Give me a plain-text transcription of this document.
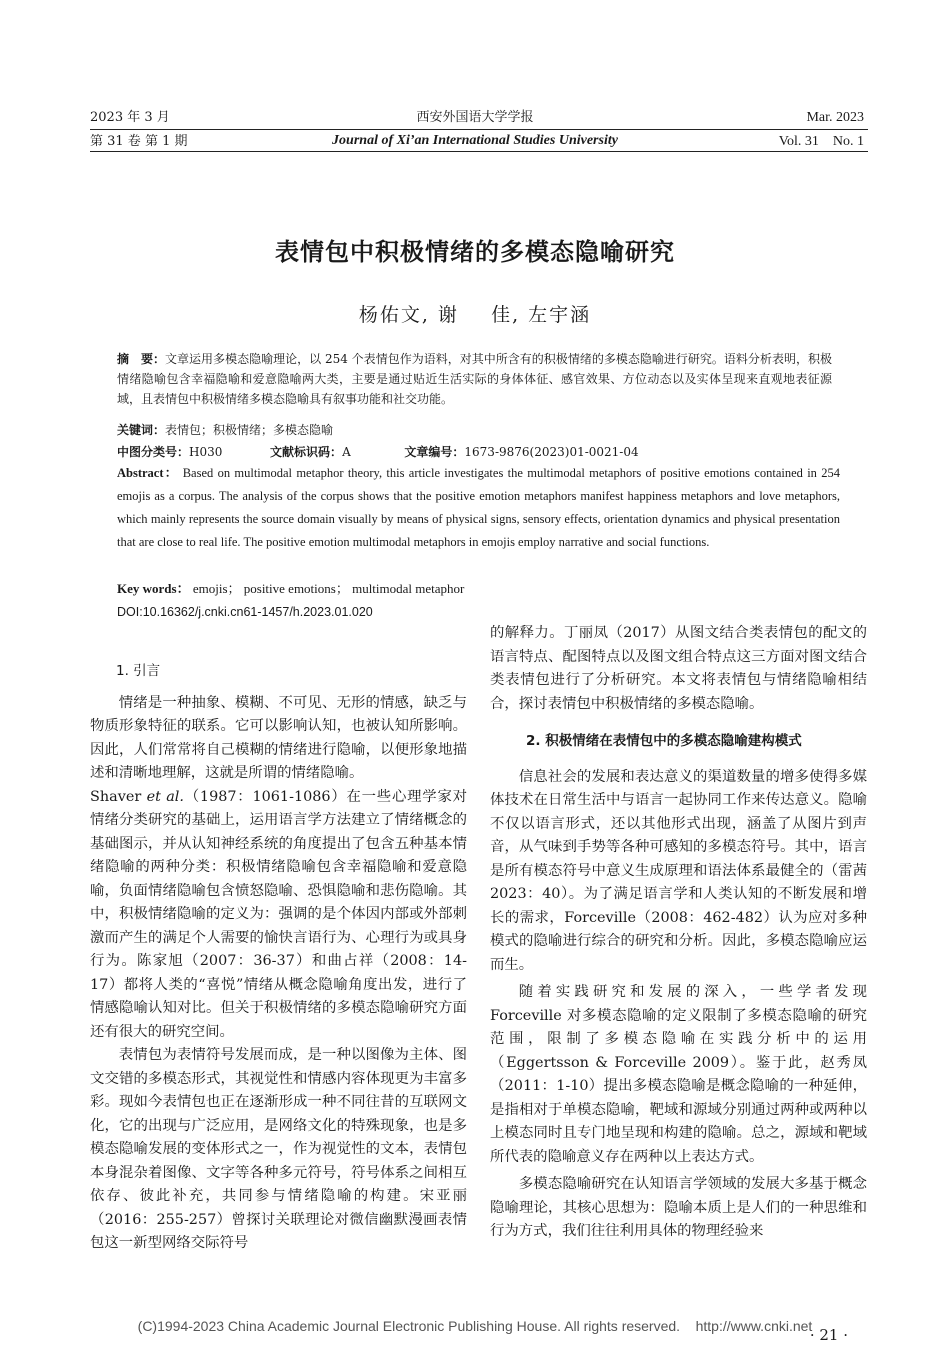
2023 年 3 月	西安外国语大学学报	Mar. 2023
第 31 卷 第 1 期	Journal of Xi’an International Studies University	Vol. 31    No. 1
表情包中积极情绪的多模态隐喻研究
杨佑文, 谢    佳, 左宇涵
摘　要：文章运用多模态隐喻理论，以 254 个表情包作为语料，对其中所含有的积极情绪的多模态隐喻进行研究。语料分析表明，积极情绪隐喻包含幸福隐喻和爱意隐喻两大类，主要是通过贴近生活实际的身体体征、感官效果、方位动态以及实体呈现来直观地表征源域，且表情包中积极情绪多模态隐喻具有叙事功能和社交功能。
关键词：表情包；积极情绪；多模态隐喻
中图分类号：H030	文献标识码：A	文章编号：1673-9876(2023)01-0021-04
Abstract： Based on multimodal metaphor theory, this article investigates the multimodal metaphors of positive emotions contained in 254 emojis as a corpus. The analysis of the corpus shows that the positive emotion metaphors manifest happiness metaphors and love metaphors, which mainly represents the source domain visually by means of physical signs, sensory effects, orientation dynamics and physical presentation that are close to real life. The positive emotion multimodal metaphors in emojis employ narrative and social functions.
Key words： emojis； positive emotions； multimodal metaphor
DOI:10.16362/j.cnki.cn61-1457/h.2023.01.020

1. 引言

情绪是一种抽象、模糊、不可见、无形的情感，缺乏与物质形象特征的联系。它可以影响认知，也被认知所影响。因此，人们常常将自己模糊的情绪进行隐喻，以便形象地描述和清晰地理解，这就是所谓的情绪隐喻。

Shaver et al.（1987：1061-1086）在一些心理学家对情绪分类研究的基础上，运用语言学方法建立了情绪概念的基础图示，并从认知神经系统的角度提出了包含五种基本情绪隐喻的两种分类：积极情绪隐喻包含幸福隐喻和爱意隐喻，负面情绪隐喻包含愤怒隐喻、恐惧隐喻和悲伤隐喻。其中，积极情绪隐喻的定义为：强调的是个体因内部或外部刺激而产生的满足个人需要的愉快言语行为、心理行为或具身行为。陈家旭（2007：36-37）和曲占祥（2008：14-17）都将人类的“喜悦”情绪从概念隐喻角度出发，进行了情感隐喻认知对比。但关于积极情绪的多模态隐喻研究方面还有很大的研究空间。

表情包为表情符号发展而成，是一种以图像为主体、图文交错的多模态形式，其视觉性和情感内容体现更为丰富多彩。现如今表情包也正在逐渐形成一种不同往昔的互联网文化，它的出现与广泛应用，是网络文化的特殊现象，也是多模态隐喻发展的变体形式之一，作为视觉性的文本，表情包本身混杂着图像、文字等各种多元符号，符号体系之间相互依存、彼此补充，共同参与情绪隐喻的构建。宋亚丽（2016：255-257）曾探讨关联理论对微信幽默漫画表情包这一新型网络交际符号

的解释力。丁丽凤（2017）从图文结合类表情包的配文的语言特点、配图特点以及图文组合特点这三方面对图文结合类表情包进行了分析研究。本文将表情包与情绪隐喻相结合，探讨表情包中积极情绪的多模态隐喻。

2. 积极情绪在表情包中的多模态隐喻建构模式

信息社会的发展和表达意义的渠道数量的增多使得多媒体技术在日常生活中与语言一起协同工作来传达意义。隐喻不仅以语言形式，还以其他形式出现，涵盖了从图片到声音，从气味到手势等各种可感知的多模态符号。其中，语言是所有模态符号中意义生成原理和语法体系最健全的（雷茜 2023：40）。为了满足语言学和人类认知的不断发展和增长的需求，Forceville（2008：462-482）认为应对多种模式的隐喻进行综合的研究和分析。因此，多模态隐喻应运而生。

随着实践研究和发展的深入，一些学者发现 Forceville 对多模态隐喻的定义限制了多模态隐喻的研究范围，限制了多模态隐喻在实践分析中的运用（Eggertsson & Forceville 2009）。鉴于此，赵秀凤（2011：1-10）提出多模态隐喻是概念隐喻的一种延伸，是指相对于单模态隐喻，靶域和源域分别通过两种或两种以上模态同时且专门地呈现和构建的隐喻。总之，源域和靶域所代表的隐喻意义存在两种以上表达方式。

多模态隐喻研究在认知语言学领域的发展大多基于概念隐喻理论，其核心思想为：隐喻本质上是人们的一种思维和行为方式，我们往往利用具体的物理经验来

· 21 ·
(C)1994-2023 China Academic Journal Electronic Publishing House. All rights reserved.    http://www.cnki.net
